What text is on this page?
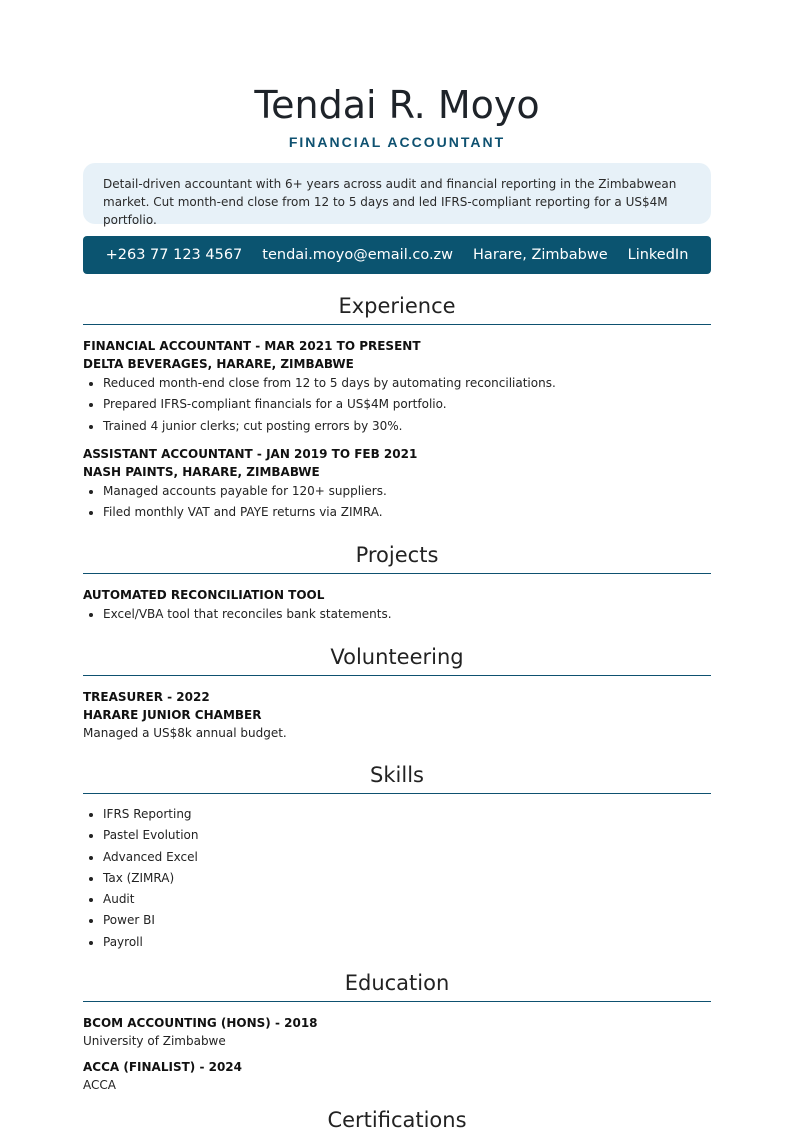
Tendai R. Moyo
FINANCIAL ACCOUNTANT
Detail-driven accountant with 6+ years across audit and financial reporting in the Zimbabwean market. Cut month-end close from 12 to 5 days and led IFRS-compliant reporting for a US$4M portfolio.
+263 77 123 4567 tendai.moyo@email.co.zw Harare, Zimbabwe LinkedIn
Experience
FINANCIAL ACCOUNTANT - MAR 2021 TO PRESENT
DELTA BEVERAGES, HARARE, ZIMBABWE
• Reduced month-end close from 12 to 5 days by automating reconciliations.
• Prepared IFRS-compliant financials for a US$4M portfolio.
• Trained 4 junior clerks; cut posting errors by 30%.
ASSISTANT ACCOUNTANT - JAN 2019 TO FEB 2021
NASH PAINTS, HARARE, ZIMBABWE
• Managed accounts payable for 120+ suppliers.
• Filed monthly VAT and PAYE returns via ZIMRA.
Projects
AUTOMATED RECONCILIATION TOOL
• Excel/VBA tool that reconciles bank statements.
Volunteering
TREASURER - 2022
HARARE JUNIOR CHAMBER
Managed a US$8k annual budget.
Skills
• IFRS Reporting
• Pastel Evolution
• Advanced Excel
• Tax (ZIMRA)
• Audit
• Power BI
• Payroll
Education
BCOM ACCOUNTING (HONS) - 2018
University of Zimbabwe
ACCA (FINALIST) - 2024
ACCA
Certifications
